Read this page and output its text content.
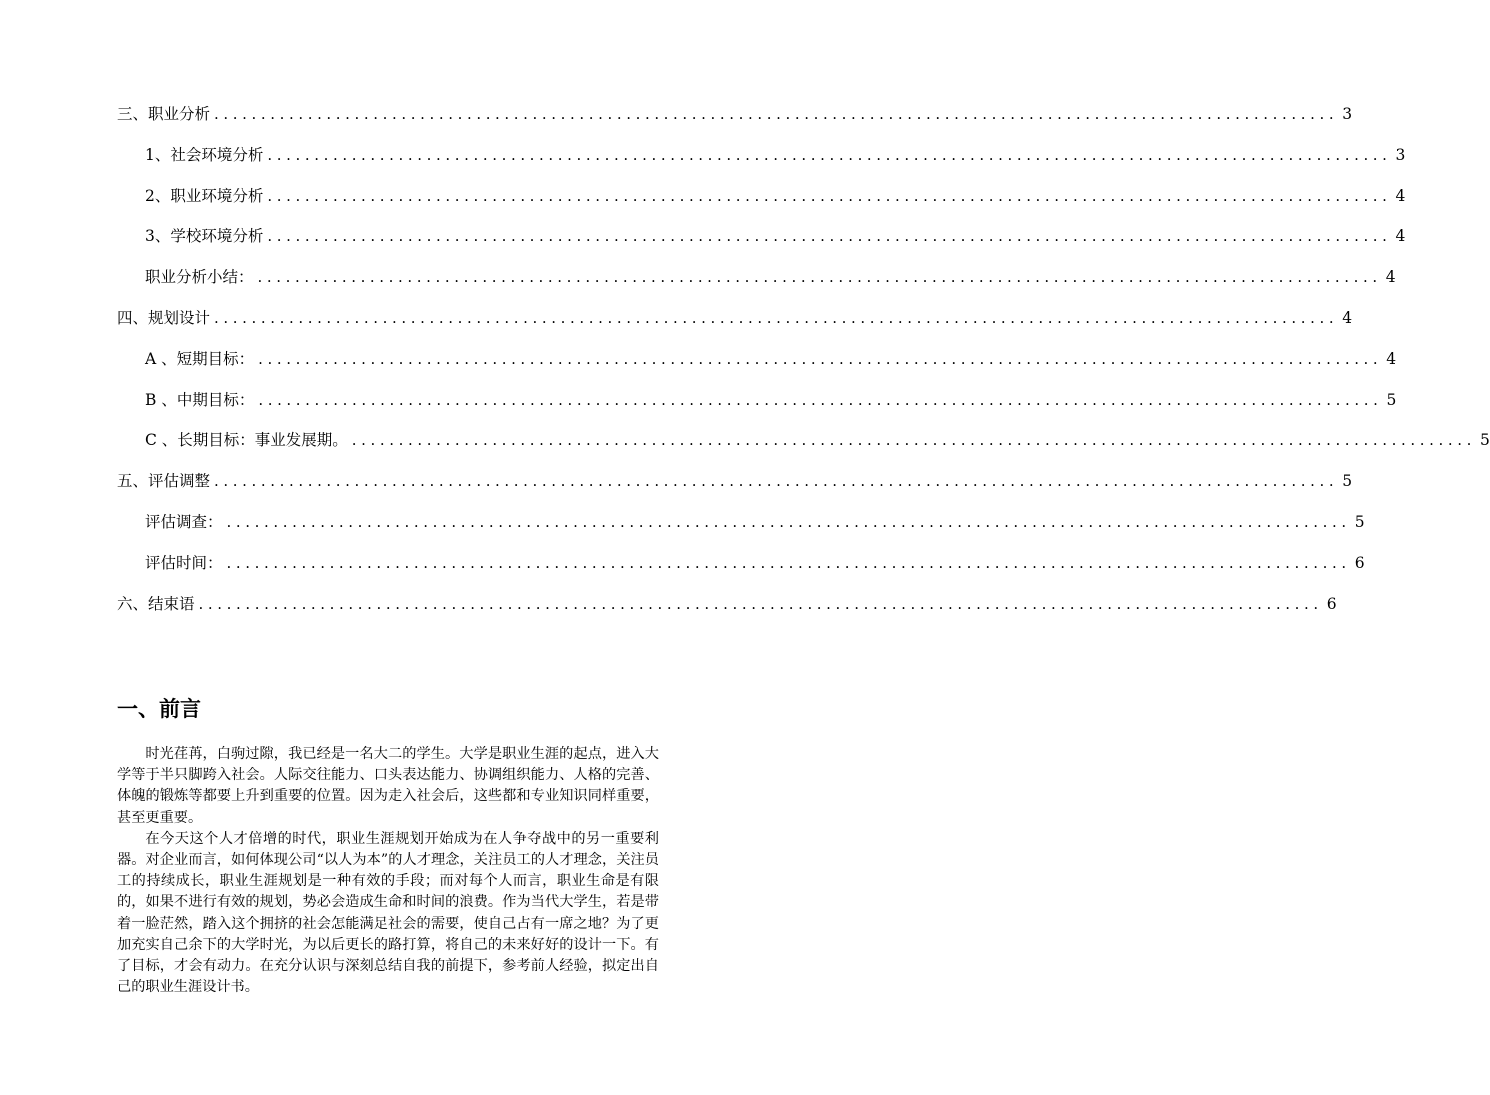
三、职业分析 ........................................................................................................................ 3
1、社会环境分析 ........................................................................................................................ 3
2、职业环境分析 ........................................................................................................................ 4
3、学校环境分析 ........................................................................................................................ 4
职业分析小结： ........................................................................................................................ 4
四、规划设计 ........................................................................................................................ 4
A 、短期目标： ........................................................................................................................ 4
B 、中期目标： ........................................................................................................................ 5
C 、长期目标：事业发展期。 ........................................................................................................................ 5
五、评估调整 ........................................................................................................................ 5
评估调查： ........................................................................................................................ 5
评估时间： ........................................................................................................................ 6
六、结束语 ........................................................................................................................ 6
一、前言

时光荏苒，白驹过隙，我已经是一名大二的学生。大学是职业生涯的起点，进入大学等于半只脚跨入社会。人际交往能力、口头表达能力、协调组织能力、人格的完善、体魄的锻炼等都要上升到重要的位置。因为走入社会后，这些都和专业知识同样重要，甚至更重要。

在今天这个人才倍增的时代，职业生涯规划开始成为在人争夺战中的另一重要利器。对企业而言，如何体现公司“以人为本”的人才理念，关注员工的人才理念，关注员工的持续成长，职业生涯规划是一种有效的手段；而对每个人而言，职业生命是有限的，如果不进行有效的规划，势必会造成生命和时间的浪费。作为当代大学生，若是带着一脸茫然，踏入这个拥挤的社会怎能满足社会的需要，使自己占有一席之地？为了更加充实自己余下的大学时光，为以后更长的路打算，将自己的未来好好的设计一下。有了目标，才会有动力。在充分认识与深刻总结自我的前提下，参考前人经验，拟定出自己的职业生涯设计书。
